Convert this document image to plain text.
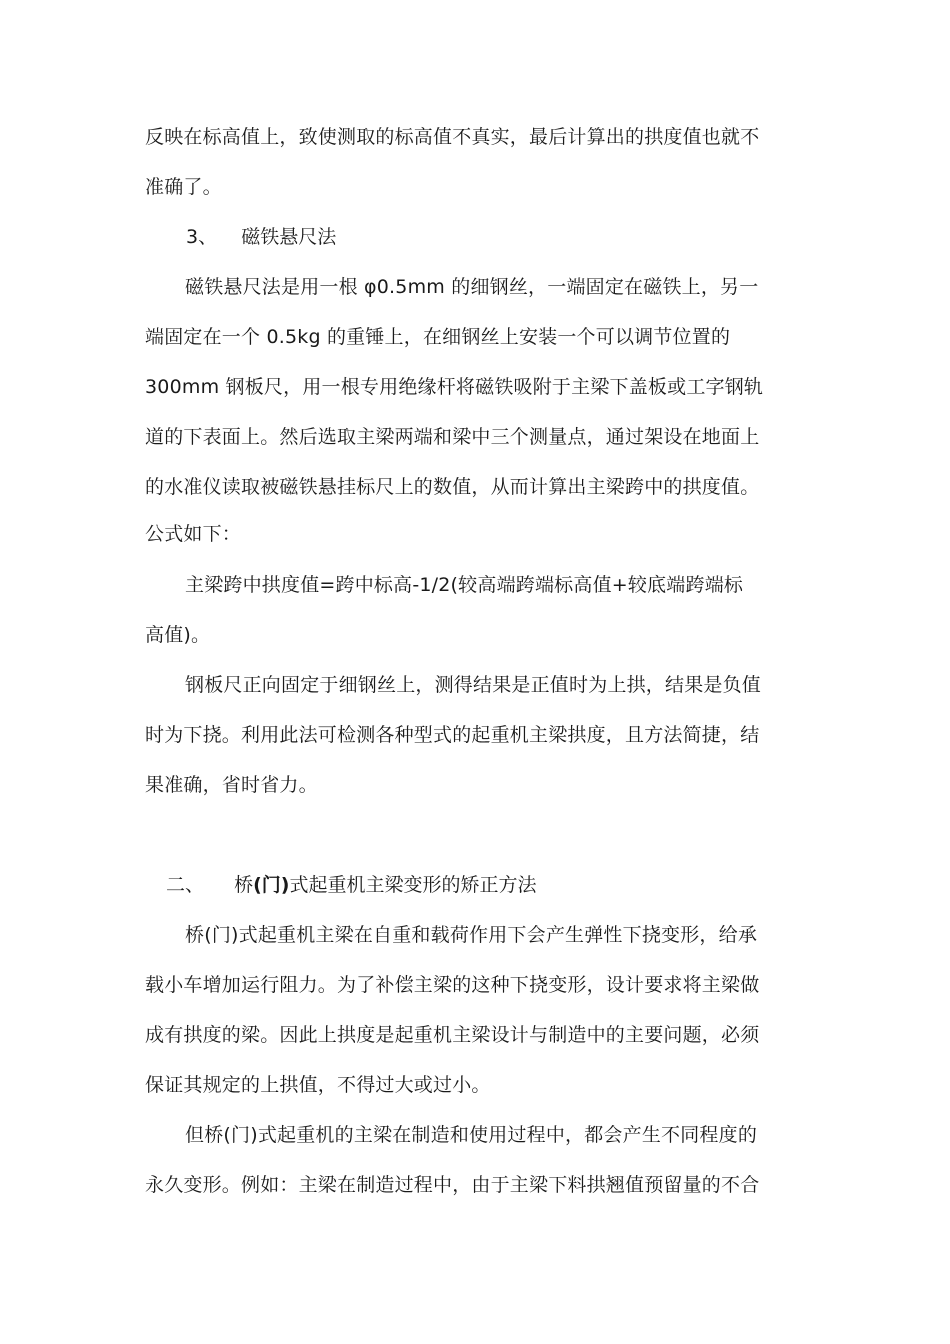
反映在标高值上，致使测取的标高值不真实，最后计算出的拱度值也就不
准确了。
3、 磁铁悬尺法
磁铁悬尺法是用一根 φ0.5mm 的细钢丝，一端固定在磁铁上，另一
端固定在一个 0.5kg 的重锤上，在细钢丝上安装一个可以调节位置的
300mm 钢板尺，用一根专用绝缘杆将磁铁吸附于主梁下盖板或工字钢轨
道的下表面上。然后选取主梁两端和梁中三个测量点，通过架设在地面上
的水准仪读取被磁铁悬挂标尺上的数值，从而计算出主梁跨中的拱度值。
公式如下：
主梁跨中拱度值=跨中标高-1/2(较高端跨端标高值+较底端跨端标
高值)。
钢板尺正向固定于细钢丝上，测得结果是正值时为上拱，结果是负值
时为下挠。利用此法可检测各种型式的起重机主梁拱度，且方法简捷，结
果准确，省时省力。
二、 桥(门)式起重机主梁变形的矫正方法
桥(门)式起重机主梁在自重和载荷作用下会产生弹性下挠变形，给承
载小车增加运行阻力。为了补偿主梁的这种下挠变形，设计要求将主梁做
成有拱度的梁。因此上拱度是起重机主梁设计与制造中的主要问题，必须
保证其规定的上拱值，不得过大或过小。
但桥(门)式起重机的主梁在制造和使用过程中，都会产生不同程度的
永久变形。例如：主梁在制造过程中，由于主梁下料拱翘值预留量的不合
